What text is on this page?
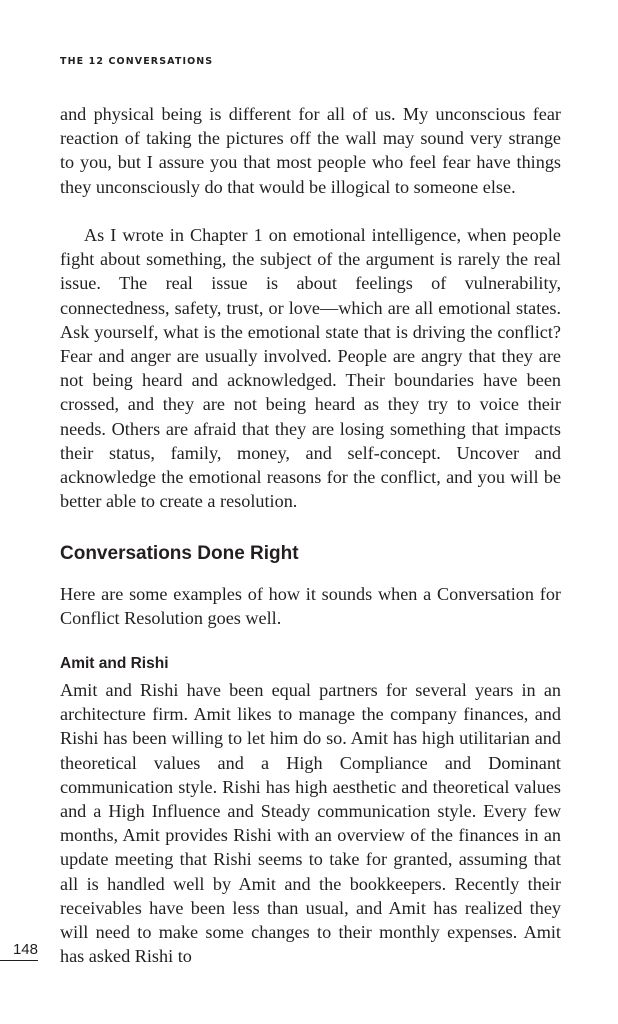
THE 12 CONVERSATIONS

and physical being is different for all of us. My unconscious fear reaction of taking the pictures off the wall may sound very strange to you, but I assure you that most people who feel fear have things they unconsciously do that would be illogical to someone else.

As I wrote in Chapter 1 on emotional intelligence, when people fight about something, the subject of the argument is rarely the real issue. The real issue is about feelings of vulnerability, connectedness, safety, trust, or love—which are all emotional states. Ask yourself, what is the emotional state that is driving the conflict? Fear and anger are usually involved. People are angry that they are not being heard and acknowledged. Their boundaries have been crossed, and they are not being heard as they try to voice their needs. Others are afraid that they are losing something that impacts their status, family, money, and self-concept. Uncover and acknowledge the emotional reasons for the conflict, and you will be better able to create a resolution.

Conversations Done Right

Here are some examples of how it sounds when a Conversation for Conflict Resolution goes well.

Amit and Rishi

Amit and Rishi have been equal partners for several years in an architecture firm. Amit likes to manage the company finances, and Rishi has been willing to let him do so. Amit has high utilitarian and theoretical values and a High Compliance and Dominant communication style. Rishi has high aesthetic and theoretical values and a High Influence and Steady communication style. Every few months, Amit provides Rishi with an overview of the finances in an update meeting that Rishi seems to take for granted, assuming that all is handled well by Amit and the bookkeepers. Recently their receivables have been less than usual, and Amit has realized they will need to make some changes to their monthly expenses. Amit has asked Rishi to

148
